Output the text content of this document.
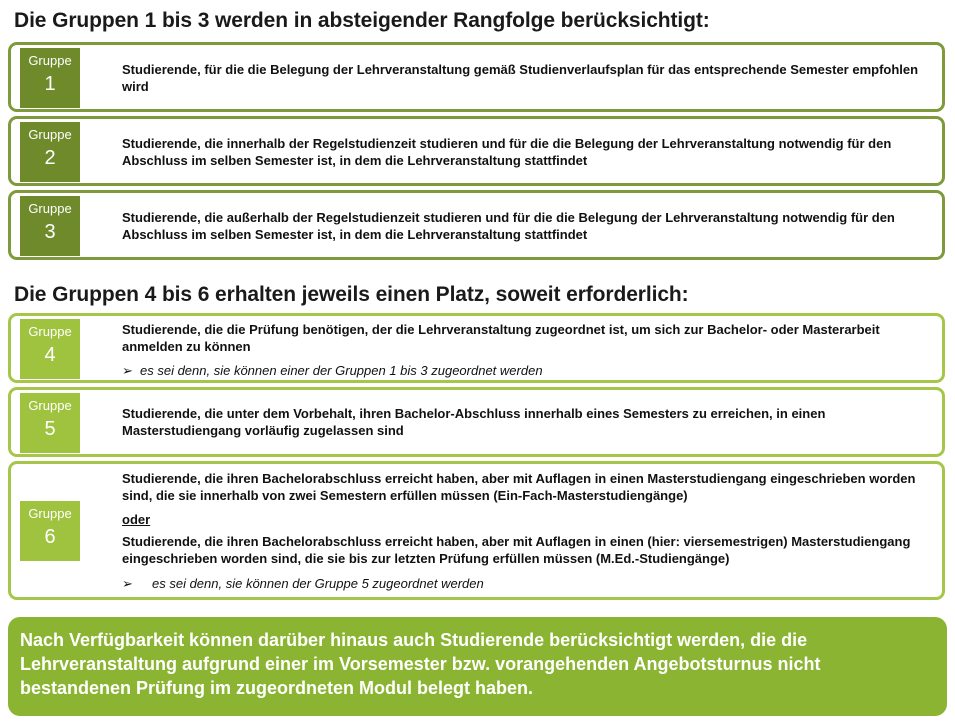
Die Gruppen 1 bis 3 werden in absteigender Rangfolge berücksichtigt:
Gruppe
1
Studierende, für die die Belegung der Lehrveranstaltung gemäß Studienverlaufsplan für das entsprechende Semester empfohlen wird
Gruppe
2
Studierende, die innerhalb der Regelstudienzeit studieren und für die die Belegung der Lehrveranstaltung notwendig für den Abschluss im selben Semester ist, in dem die Lehrveranstaltung stattfindet
Gruppe
3
Studierende, die außerhalb der Regelstudienzeit studieren und für die die Belegung der Lehrveranstaltung notwendig für den Abschluss im selben Semester ist, in dem die Lehrveranstaltung stattfindet
Die Gruppen 4 bis 6 erhalten jeweils einen Platz, soweit erforderlich:
Gruppe
4
Studierende, die die Prüfung benötigen, der die Lehrveranstaltung zugeordnet ist, um sich zur Bachelor- oder Masterarbeit anmelden zu können
➢ es sei denn, sie können einer der Gruppen 1 bis 3 zugeordnet werden
Gruppe
5
Studierende, die unter dem Vorbehalt, ihren Bachelor-Abschluss innerhalb eines Semesters zu erreichen, in einen Masterstudiengang vorläufig zugelassen sind
Gruppe
6
Studierende, die ihren Bachelorabschluss erreicht haben, aber mit Auflagen in einen Masterstudiengang eingeschrieben worden sind, die sie innerhalb von zwei Semestern erfüllen müssen (Ein-Fach-Masterstudiengänge)
oder
Studierende, die ihren Bachelorabschluss erreicht haben, aber mit Auflagen in einen (hier: viersemestrigen) Masterstudiengang eingeschrieben worden sind, die sie bis zur letzten Prüfung erfüllen müssen (M.Ed.-Studiengänge)
➢ es sei denn, sie können der Gruppe 5 zugeordnet werden
Nach Verfügbarkeit können darüber hinaus auch Studierende berücksichtigt werden, die die Lehrveranstaltung aufgrund einer im Vorsemester bzw. vorangehenden Angebotsturnus nicht bestandenen Prüfung im zugeordneten Modul belegt haben.
